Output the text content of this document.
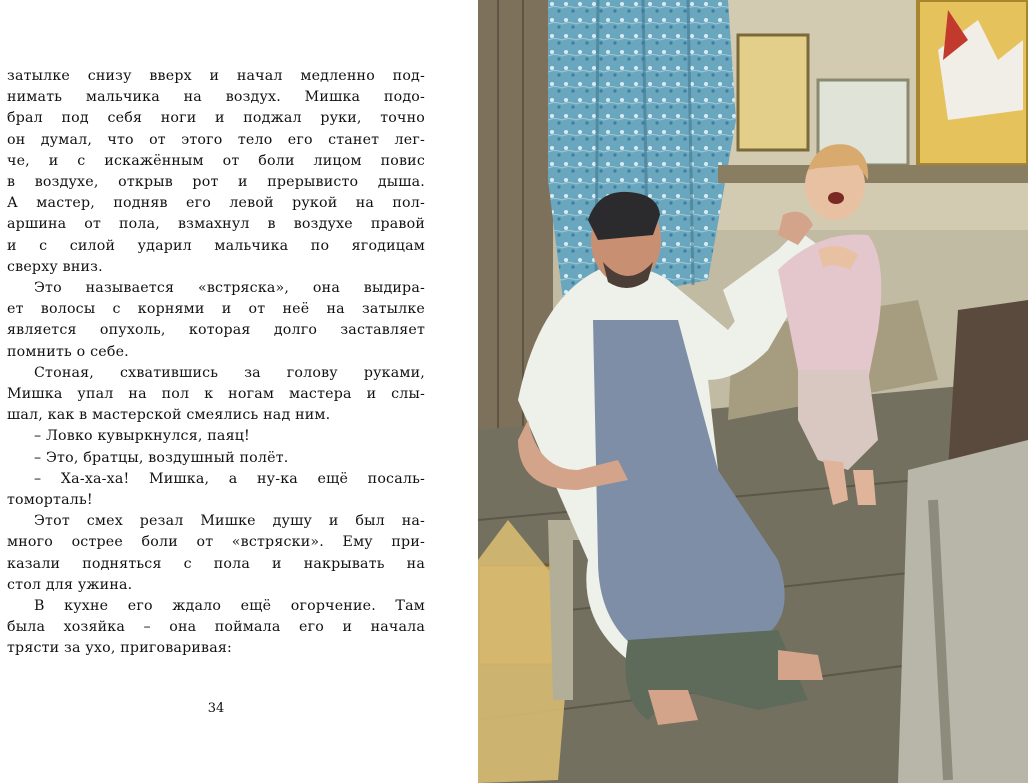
затылке снизу вверх и начал медленно под-

нимать мальчика на воздух. Мишка подо-

брал под себя ноги и поджал руки, точно

он думал, что от этого тело его станет лег-

че, и с искажённым от боли лицом повис

в воздухе, открыв рот и прерывисто дыша.

А мастер, подняв его левой рукой на пол-

аршина от пола, взмахнул в воздухе правой

и с силой ударил мальчика по ягодицам

сверху вниз.

Это называется «встряска», она выдира-

ет волосы с корнями и от неё на затылке

является опухоль, которая долго заставляет

помнить о себе.

Стоная, схватившись за голову руками,

Мишка упал на пол к ногам мастера и слы-

шал, как в мастерской смеялись над ним.

– Ловко кувыркнулся, паяц!

– Это, братцы, воздушный полёт.

– Ха-ха-ха! Мишка, а ну-ка ещё посаль-

томорталь!

Этот смех резал Мишке душу и был на-

много острее боли от «встряски». Ему при-

казали подняться с пола и накрывать на

стол для ужина.

В кухне его ждало ещё огорчение. Там

была хозяйка – она поймала его и начала

трясти за ухо, приговаривая:

34
